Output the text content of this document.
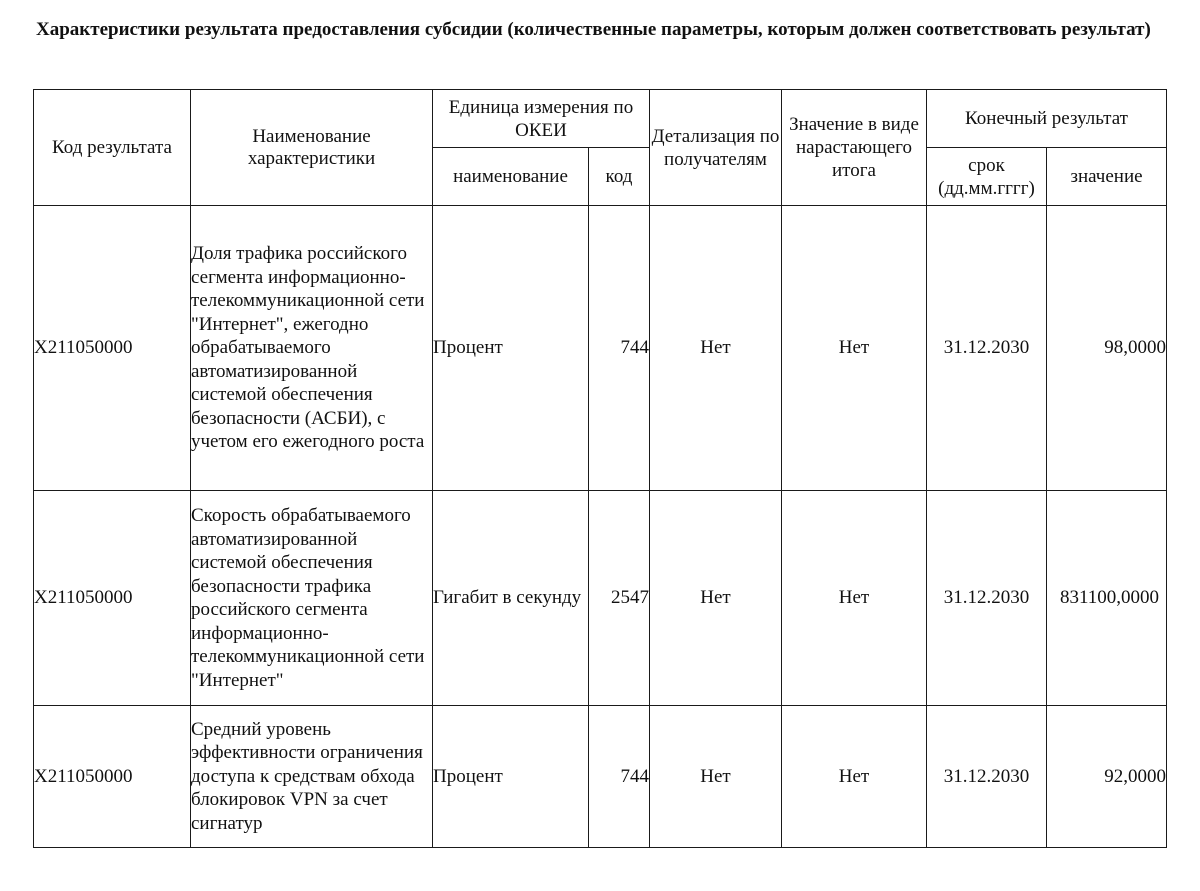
Характеристики результата предоставления субсидии (количественные параметры, которым должен соответствовать результат)
Код результата	Наименование характеристики	Единица измерения по ОКЕИ		Детализация по получателям	Значение в виде нарастающего итога	Конечный результат	
		наименование	код			срок (дд.мм.гггг)	значение
X211050000	Доля трафика российского сегмента информационно-телекоммуникационной сети "Интернет", ежегодно обрабатываемого автоматизированной системой обеспечения безопасности (АСБИ), с учетом его ежегодного роста	Процент	744	Нет	Нет	31.12.2030	98,0000
X211050000	Скорость обрабатываемого автоматизированной системой обеспечения безопасности трафика российского сегмента информационно-телекоммуникационной сети "Интернет"	Гигабит в секунду	2547	Нет	Нет	31.12.2030	831100,0000
X211050000	Средний уровень эффективности ограничения доступа к средствам обхода блокировок VPN за счет сигнатур	Процент	744	Нет	Нет	31.12.2030	92,0000
